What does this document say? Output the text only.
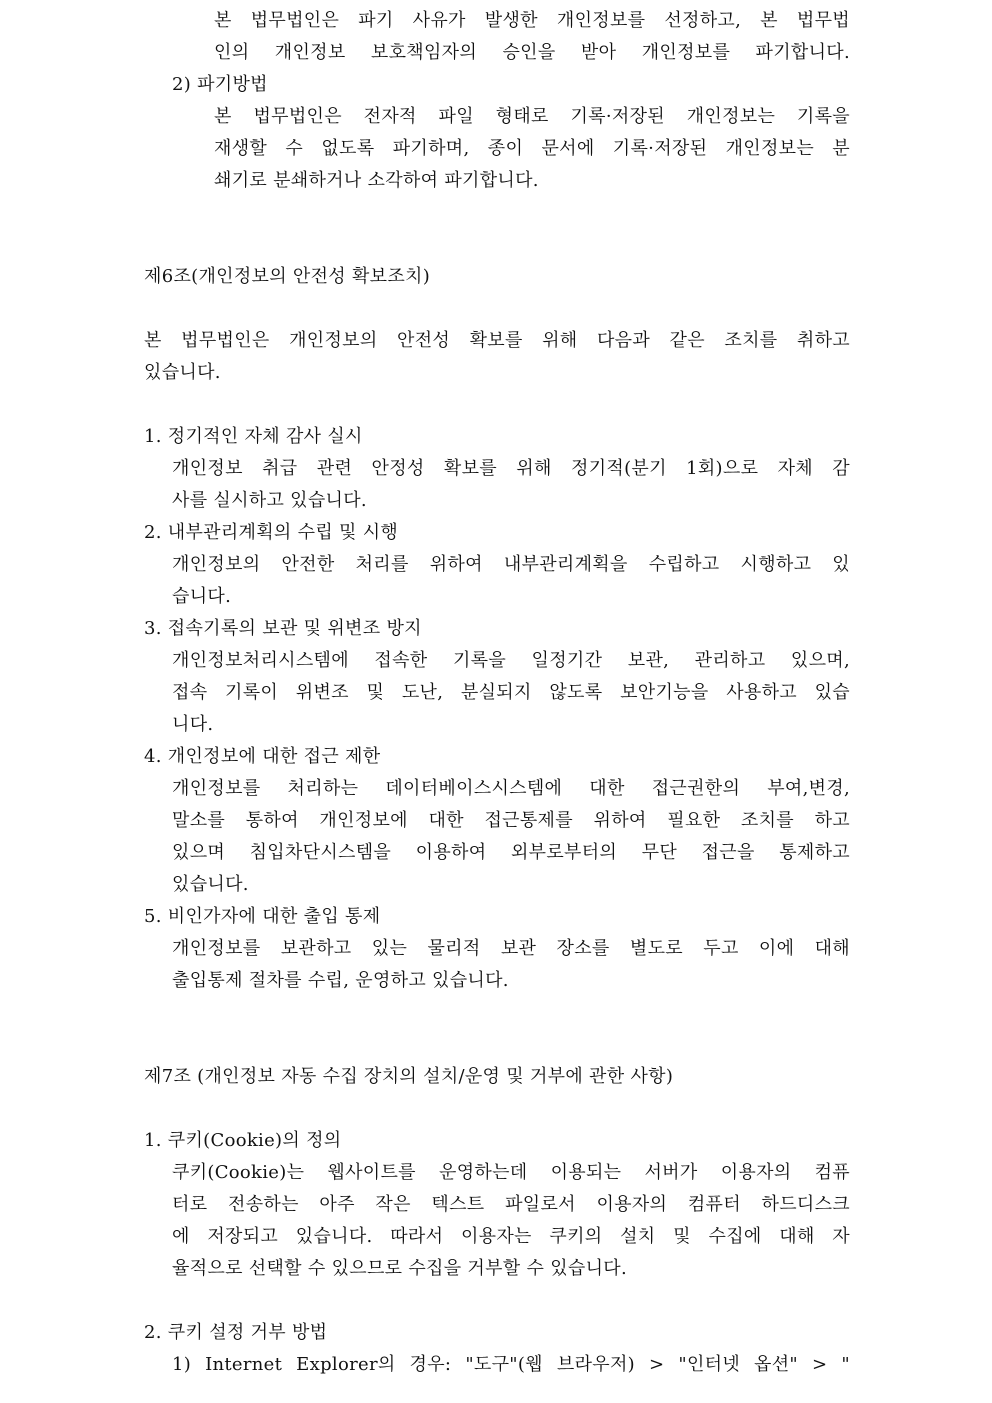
본 법무법인은 파기 사유가 발생한 개인정보를 선정하고, 본 법무법
인의 개인정보 보호책임자의 승인을 받아 개인정보를 파기합니다.
2) 파기방법
본 법무법인은 전자적 파일 형태로 기록·저장된 개인정보는 기록을
재생할 수 없도록 파기하며, 종이 문서에 기록·저장된 개인정보는 분
쇄기로 분쇄하거나 소각하여 파기합니다.
제6조(개인정보의 안전성 확보조치)
본 법무법인은 개인정보의 안전성 확보를 위해 다음과 같은 조치를 취하고
있습니다.
1. 정기적인 자체 감사 실시
개인정보 취급 관련 안정성 확보를 위해 정기적(분기 1회)으로 자체 감
사를 실시하고 있습니다.
2. 내부관리계획의 수립 및 시행
개인정보의 안전한 처리를 위하여 내부관리계획을 수립하고 시행하고 있
습니다.
3. 접속기록의 보관 및 위변조 방지
개인정보처리시스템에 접속한 기록을 일정기간 보관, 관리하고 있으며,
접속 기록이 위변조 및 도난, 분실되지 않도록 보안기능을 사용하고 있습
니다.
4. 개인정보에 대한 접근 제한
개인정보를 처리하는 데이터베이스시스템에 대한 접근권한의 부여,변경,
말소를 통하여 개인정보에 대한 접근통제를 위하여 필요한 조치를 하고
있으며 침입차단시스템을 이용하여 외부로부터의 무단 접근을 통제하고
있습니다.
5. 비인가자에 대한 출입 통제
개인정보를 보관하고 있는 물리적 보관 장소를 별도로 두고 이에 대해
출입통제 절차를 수립, 운영하고 있습니다.
제7조 (개인정보 자동 수집 장치의 설치/운영 및 거부에 관한 사항)
1. 쿠키(Cookie)의 정의
쿠키(Cookie)는 웹사이트를 운영하는데 이용되는 서버가 이용자의 컴퓨
터로 전송하는 아주 작은 텍스트 파일로서 이용자의 컴퓨터 하드디스크
에 저장되고 있습니다. 따라서 이용자는 쿠키의 설치 및 수집에 대해 자
율적으로 선택할 수 있으므로 수집을 거부할 수 있습니다.
2. 쿠키 설정 거부 방법
1) Internet Explorer의 경우: "도구"(웹 브라우저) > "인터넷 옵션" > "
